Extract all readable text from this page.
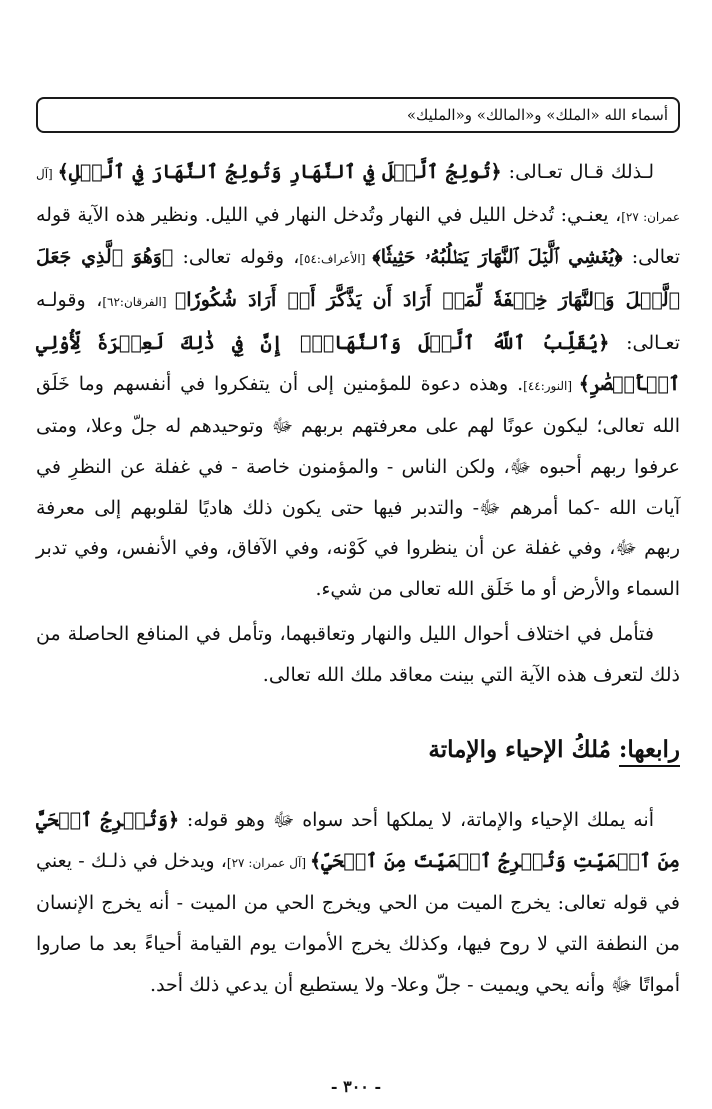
أسماء الله «الملك» و«المالك» و«المليك»

لـذلك قـال تعـالى: ﴿تُولِجُ ٱلَّيۡلَ فِي ٱلنَّهَارِ وَتُولِجُ ٱلنَّهَارَ فِي ٱلَّيۡلِ﴾ [آل عمران: ٢٧]، يعنـي: تُدخل الليل في النهار وتُدخل النهار في الليل. ونظير هذه الآية قوله تعالى: ﴿يُغۡشِي ٱلَّيۡلَ ٱلنَّهَارَ يَطۡلُبُهُۥ حَثِيثٗا﴾ [الأعراف:٥٤]، وقوله تعالى: ﴿وَهُوَ ٱلَّذِي جَعَلَ ٱلَّيۡلَ وَٱلنَّهَارَ خِلۡفَةٗ لِّمَنۡ أَرَادَ أَن يَذَّكَّرَ أَوۡ أَرَادَ شُكُورٗا﴾ [الفرقان:٦٢]، وقولـه تعـالى: ﴿يُقَلِّبُ ٱللَّهُ ٱلَّيۡلَ وَٱلنَّهَارَۚ إِنَّ فِي ذَٰلِكَ لَعِبۡرَةٗ لِّأُوْلِي ٱلۡأَبۡصَٰرِ﴾ [النور:٤٤]. وهذه دعوة للمؤمنين إلى أن يتفكروا في أنفسهم وما خَلَق الله تعالى؛ ليكون عونًا لهم على معرفتهم بربهم ﷻ وتوحيدهم له جلّ وعلا، ومتى عرفوا ربهم أحبوه ﷻ، ولكن الناس - والمؤمنون خاصة - في غفلة عن النظرِ في آيات الله -كما أمرهم ﷻ- والتدبر فيها حتى يكون ذلك هاديًا لقلوبهم إلى معرفة ربهم ﷻ، وفي غفلة عن أن ينظروا في كَوْنه، وفي الآفاق، وفي الأنفس، وفي تدبر السماء والأرض أو ما خَلَق الله تعالى من شيء.

فتأمل في اختلاف أحوال الليل والنهار وتعاقبهما، وتأمل في المنافع الحاصلة من ذلك لتعرف هذه الآية التي بينت معاقد ملك الله تعالى.

رابعها: مُلكُ الإحياء والإماتة

أنه يملك الإحياء والإماتة، لا يملكها أحد سواه ﷻ وهو قوله: ﴿وَتُخۡرِجُ ٱلۡحَيَّ مِنَ ٱلۡمَيِّتِ وَتُخۡرِجُ ٱلۡمَيِّتَ مِنَ ٱلۡحَيِّ﴾ [آل عمران: ٢٧]، ويدخل في ذلـك - يعني في قوله تعالى: يخرج الميت من الحي ويخرج الحي من الميت - أنه يخرج الإنسان من النطفة التي لا روح فيها، وكذلك يخرج الأموات يوم القيامة أحياءً بعد ما صاروا أمواتًا ﷻ وأنه يحي ويميت - جلّ وعلا- ولا يستطيع أن يدعي ذلك أحد.

- ٣٠٠ -
